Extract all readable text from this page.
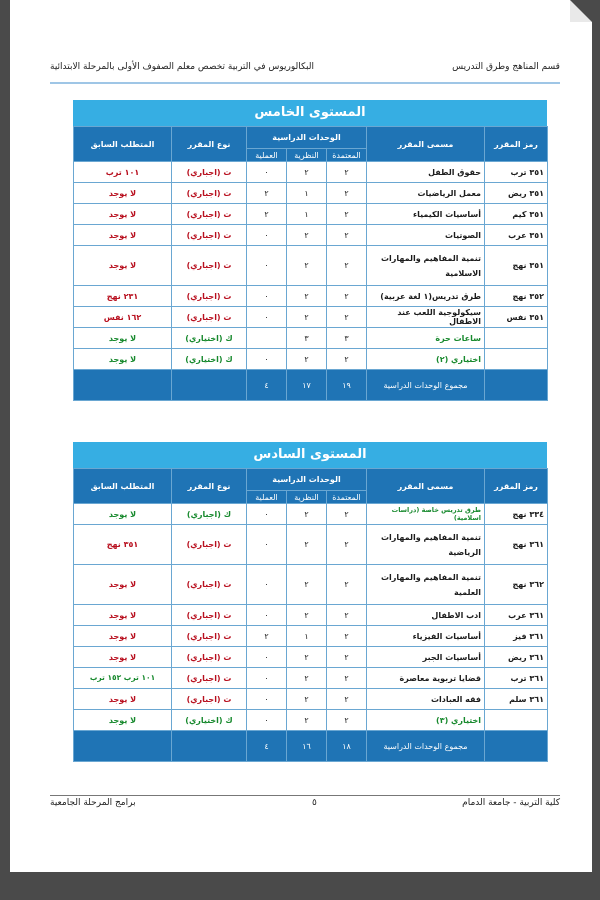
قسم المناهج وطرق التدريس
البكالوريوس في التربية تخصص معلم الصفوف الأولى بالمرحلة الابتدائية
المستوى الخامس
رمز المقرر	مسمى المقرر	الوحدات الدراسية			نوع المقرر	المتطلب السابق
		المعتمدة	النظرية	العملية		
٣٥١ ترب	حقوق الطفل	٢	٢	٠	ت (اجباري)	١٠١ ترب
٣٥١ ريض	معمل الرياضيات	٢	١	٢	ت (اجباري)	لا يوجد
٣٥١ كيم	أساسيات الكيمياء	٢	١	٢	ت (اجباري)	لا يوجد
٣٥١ عرب	الصوتيات	٢	٢	٠	ت (اجباري)	لا يوجد
٣٥١ نهج	تنمية المفاهيم والمهارات الاسلامية	٢	٢	٠	ت (اجباري)	لا يوجد
٣٥٢ نهج	طرق تدريس(١ لغة عربية)	٢	٢	٠	ت (اجباري)	٢٣١ نهج
٣٥١ نفس	سيكولوجية اللعب عند الاطفال	٢	٢	٠	ت (اجباري)	١٦٢ نفس
	ساعات حرة	٣	٣		ك (اختياري)	لا يوجد
	اختياري (٢)	٢	٢	٠	ك (اختياري)	لا يوجد
	مجموع الوحدات الدراسية	١٩	١٧	٤		
المستوى السادس
رمز المقرر	مسمى المقرر	الوحدات الدراسية			نوع المقرر	المتطلب السابق
		المعتمدة	النظرية	العملية		
٣٣٤ نهج	طرق تدريس خاصة (دراسات اسلامية)	٢	٢	٠	ك (اجباري)	لا يوجد
٣٦١ نهج	تنمية المفاهيم والمهارات الرياضية	٢	٢	٠	ت (اجباري)	٣٥١ نهج
٣٦٢ نهج	تنمية المفاهيم والمهارات العلمية	٢	٢	٠	ت (اجباري)	لا يوجد
٣٦١ عرب	ادب الاطفال	٢	٢	٠	ت (اجباري)	لا يوجد
٣٦١ فيز	أساسيات الفيزياء	٢	١	٢	ت (اجباري)	لا يوجد
٣٦١ ريض	أساسيات الجبر	٢	٢	٠	ت (اجباري)	لا يوجد
٣٦١ ترب	قضايا تربوية معاصرة	٢	٢	٠	ت (اجباري)	١٠١ ترب ١٥٢ ترب
٣٦١ سلم	فقه العبادات	٢	٢	٠	ت (اجباري)	لا يوجد
	اختياري (٣)	٢	٢	٠	ك (اختياري)	لا يوجد
	مجموع الوحدات الدراسية	١٨	١٦	٤		
كلية التربية - جامعة الدمام
٥
برامج المرحلة الجامعية
